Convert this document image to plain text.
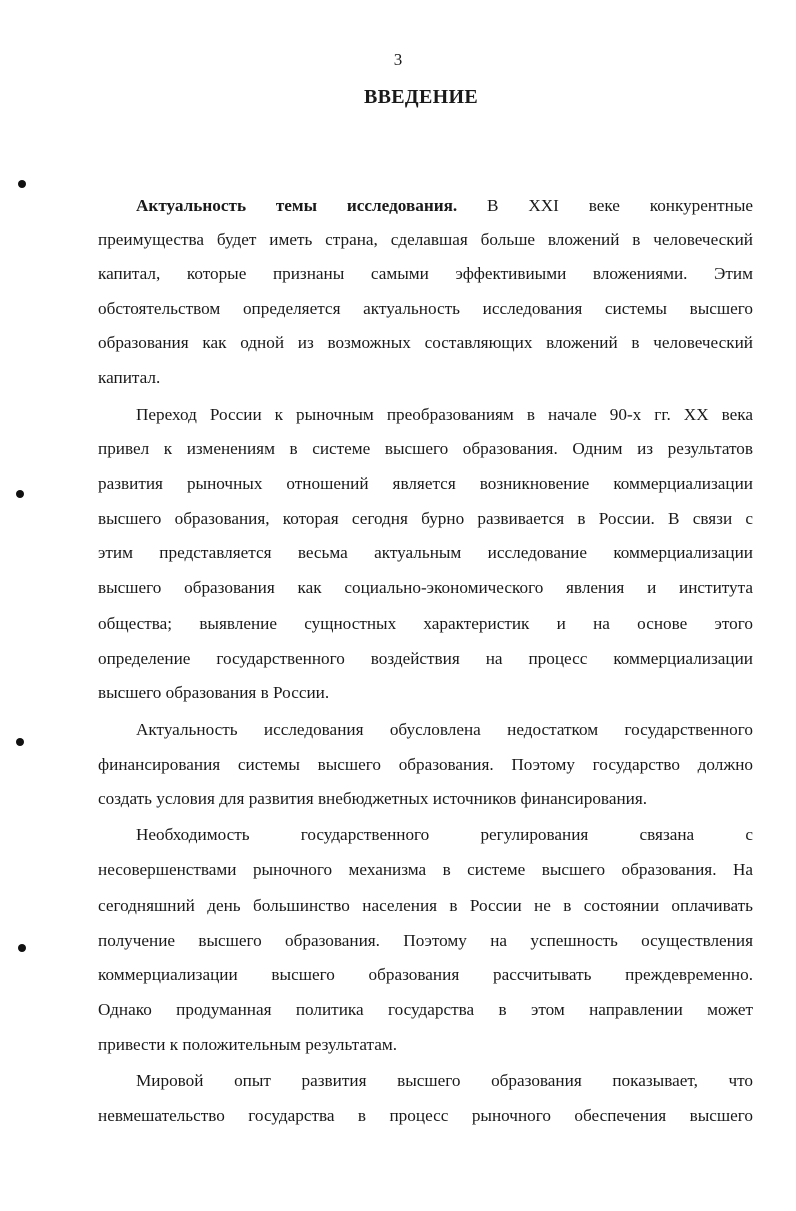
3
ВВЕДЕНИЕ
Актуальность темы исследования. В XXI веке конкурентные
преимущества будет иметь страна, сделавшая больше вложений в человеческий
капитал, которые признаны самыми эффективиыми вложениями. Этим
обстоятельством определяется актуальность исследования системы высшего
образования как одной из возможных составляющих вложений в человеческий
капитал.
Переход России к рыночным преобразованиям в начале 90-х гг. XX века
привел к изменениям в системе высшего образования. Одним из результатов
развития рыночных отношений является возникновение коммерциализации
высшего образования, которая сегодня бурно развивается в России. В связи с
этим представляется весьма актуальным исследование коммерциализации
высшего образования как социально-экономического явления и института
общества; выявление сущностных характеристик и на основе этого
определение государственного воздействия на процесс коммерциализации
высшего образования в России.
Актуальность исследования обусловлена недостатком государственного
финансирования системы высшего образования. Поэтому государство должно
создать условия для развития внебюджетных источников финансирования.
Необходимость государственного регулирования связана с
несовершенствами рыночного механизма в системе высшего образования. На
сегодняшний день большинство населения в России не в состоянии оплачивать
получение высшего образования. Поэтому на успешность осуществления
коммерциализации высшего образования рассчитывать преждевременно.
Однако продуманная политика государства в этом направлении может
привести к положительным результатам.
Мировой опыт развития высшего образования показывает, что
невмешательство государства в процесс рыночного обеспечения высшего
